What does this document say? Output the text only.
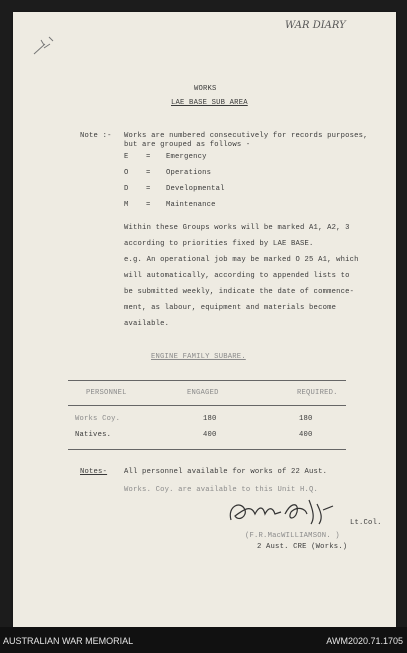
WAR DIARY
WORKS
LAE BASE SUB AREA
Note :- Works are numbered consecutively for records purposes,
but are grouped as follows -
E = Emergency
O = Operations
D = Developmental
M = Maintenance
Within these Groups works will be marked A1, A2, 3
according to priorities fixed by LAE BASE.
e.g. An operational job may be marked O 25 A1, which
will automatically, according to appended lists to
be submitted weekly, indicate the date of commence-
ment, as labour, equipment and materials become
available.
ENGINE FAMILY SUBARE.
PERSONNEL	ENGAGED	REQUIRED.
Works Coy.	180	180
Natives.	400	400
Notes- All personnel available for works of 22 Aust.
Works. Coy. are available to this Unit H.Q.
Lt.Col.
(F.R.MacWILLIAMSON. )
2 Aust. CRE (Works.)
AUSTRALIAN WAR MEMORIAL	AWM2020.71.1705
